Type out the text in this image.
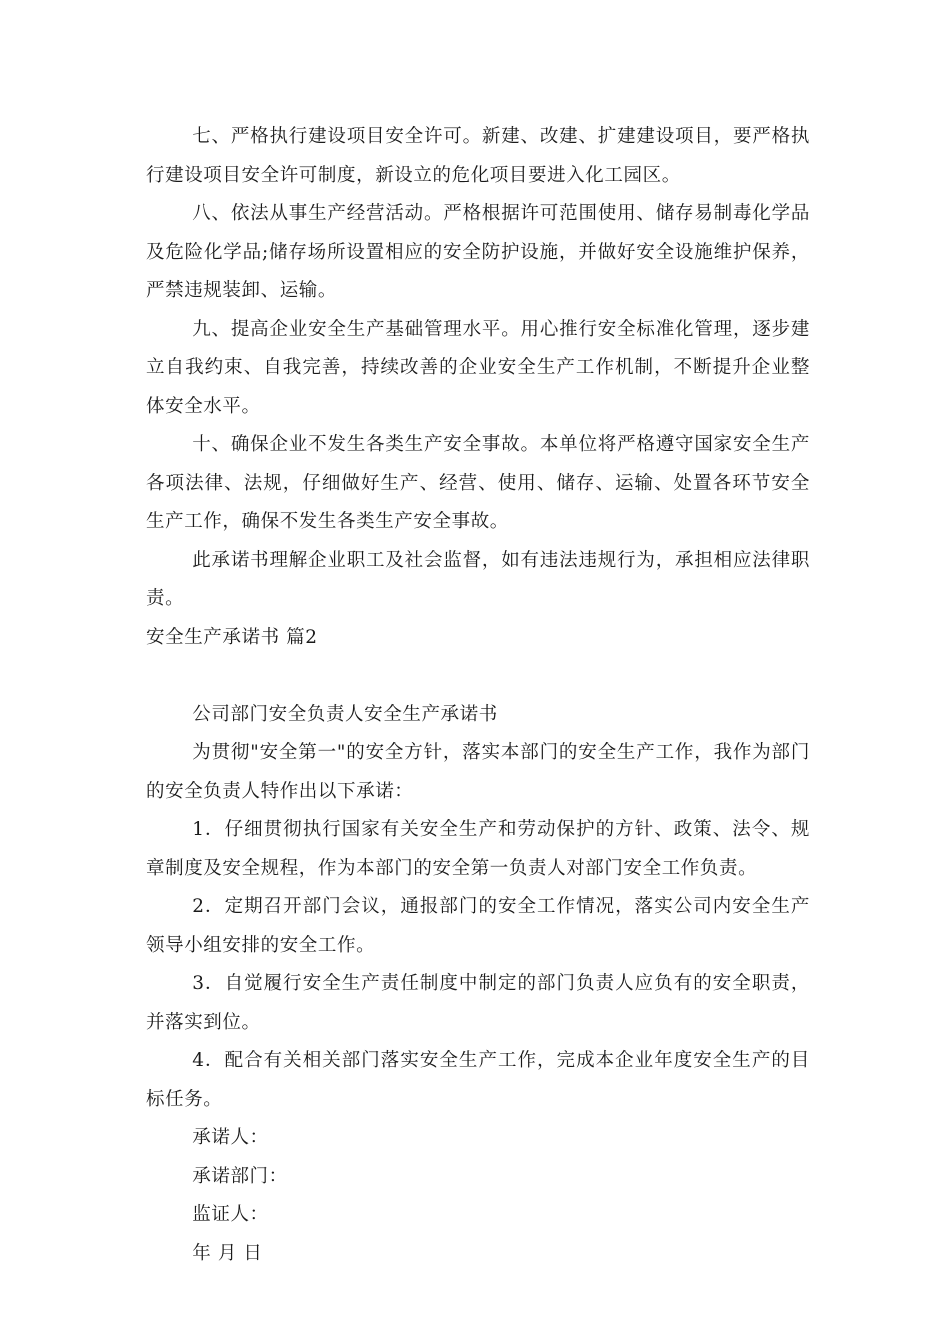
七、严格执行建设项目安全许可。新建、改建、扩建建设项目，要严格执行建设项目安全许可制度，新设立的危化项目要进入化工园区。

八、依法从事生产经营活动。严格根据许可范围使用、储存易制毒化学品及危险化学品;储存场所设置相应的安全防护设施，并做好安全设施维护保养，严禁违规装卸、运输。

九、提高企业安全生产基础管理水平。用心推行安全标准化管理，逐步建立自我约束、自我完善，持续改善的企业安全生产工作机制，不断提升企业整体安全水平。

十、确保企业不发生各类生产安全事故。本单位将严格遵守国家安全生产各项法律、法规，仔细做好生产、经营、使用、储存、运输、处置各环节安全生产工作，确保不发生各类生产安全事故。

此承诺书理解企业职工及社会监督，如有违法违规行为，承担相应法律职责。

安全生产承诺书 篇2

公司部门安全负责人安全生产承诺书

为贯彻"安全第一"的安全方针，落实本部门的安全生产工作，我作为部门的安全负责人特作出以下承诺：

1．仔细贯彻执行国家有关安全生产和劳动保护的方针、政策、法令、规章制度及安全规程，作为本部门的安全第一负责人对部门安全工作负责。

2．定期召开部门会议，通报部门的安全工作情况，落实公司内安全生产领导小组安排的安全工作。

3．自觉履行安全生产责任制度中制定的部门负责人应负有的安全职责，并落实到位。

4．配合有关相关部门落实安全生产工作，完成本企业年度安全生产的目标任务。

承诺人：

承诺部门：

监证人：

年 月 日
